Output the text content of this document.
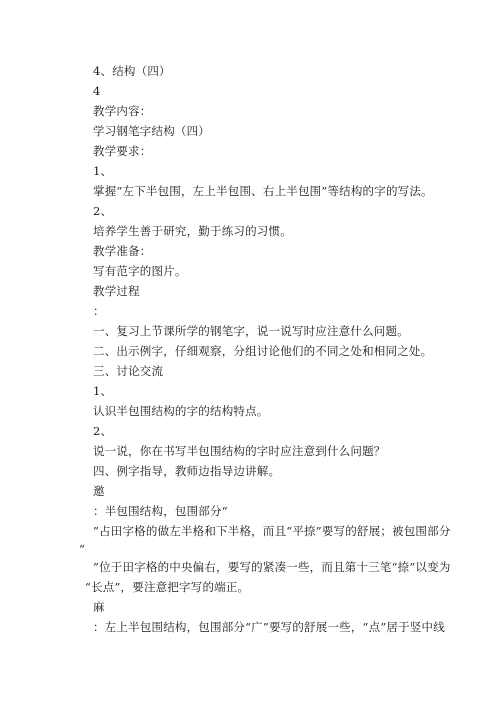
4、结构（四）
4
教学内容：
学习钢笔字结构（四）
教学要求：
1、
掌握“左下半包围，左上半包围、右上半包围”等结构的字的写法。
2、
培养学生善于研究，勤于练习的习惯。
教学准备：
写有范字的图片。
教学过程
：
一、复习上节课所学的钢笔字，说一说写时应注意什么问题。
二、出示例字，仔细观察，分组讨论他们的不同之处和相同之处。
三、讨论交流
1、
认识半包围结构的字的结构特点。
2、
说一说，你在书写半包围结构的字时应注意到什么问题？
四、例字指导，教师边指导边讲解。
邀
：半包围结构，包围部分“
”占田字格的做左半格和下半格，而且“平捺”要写的舒展；被包围部分
“
”位于田字格的中央偏右，要写的紧凑一些，而且第十三笔“捺”以变为
“长点”，要注意把字写的端正。
麻
：左上半包围结构，包围部分“广”要写的舒展一些，“点”居于竖中线
